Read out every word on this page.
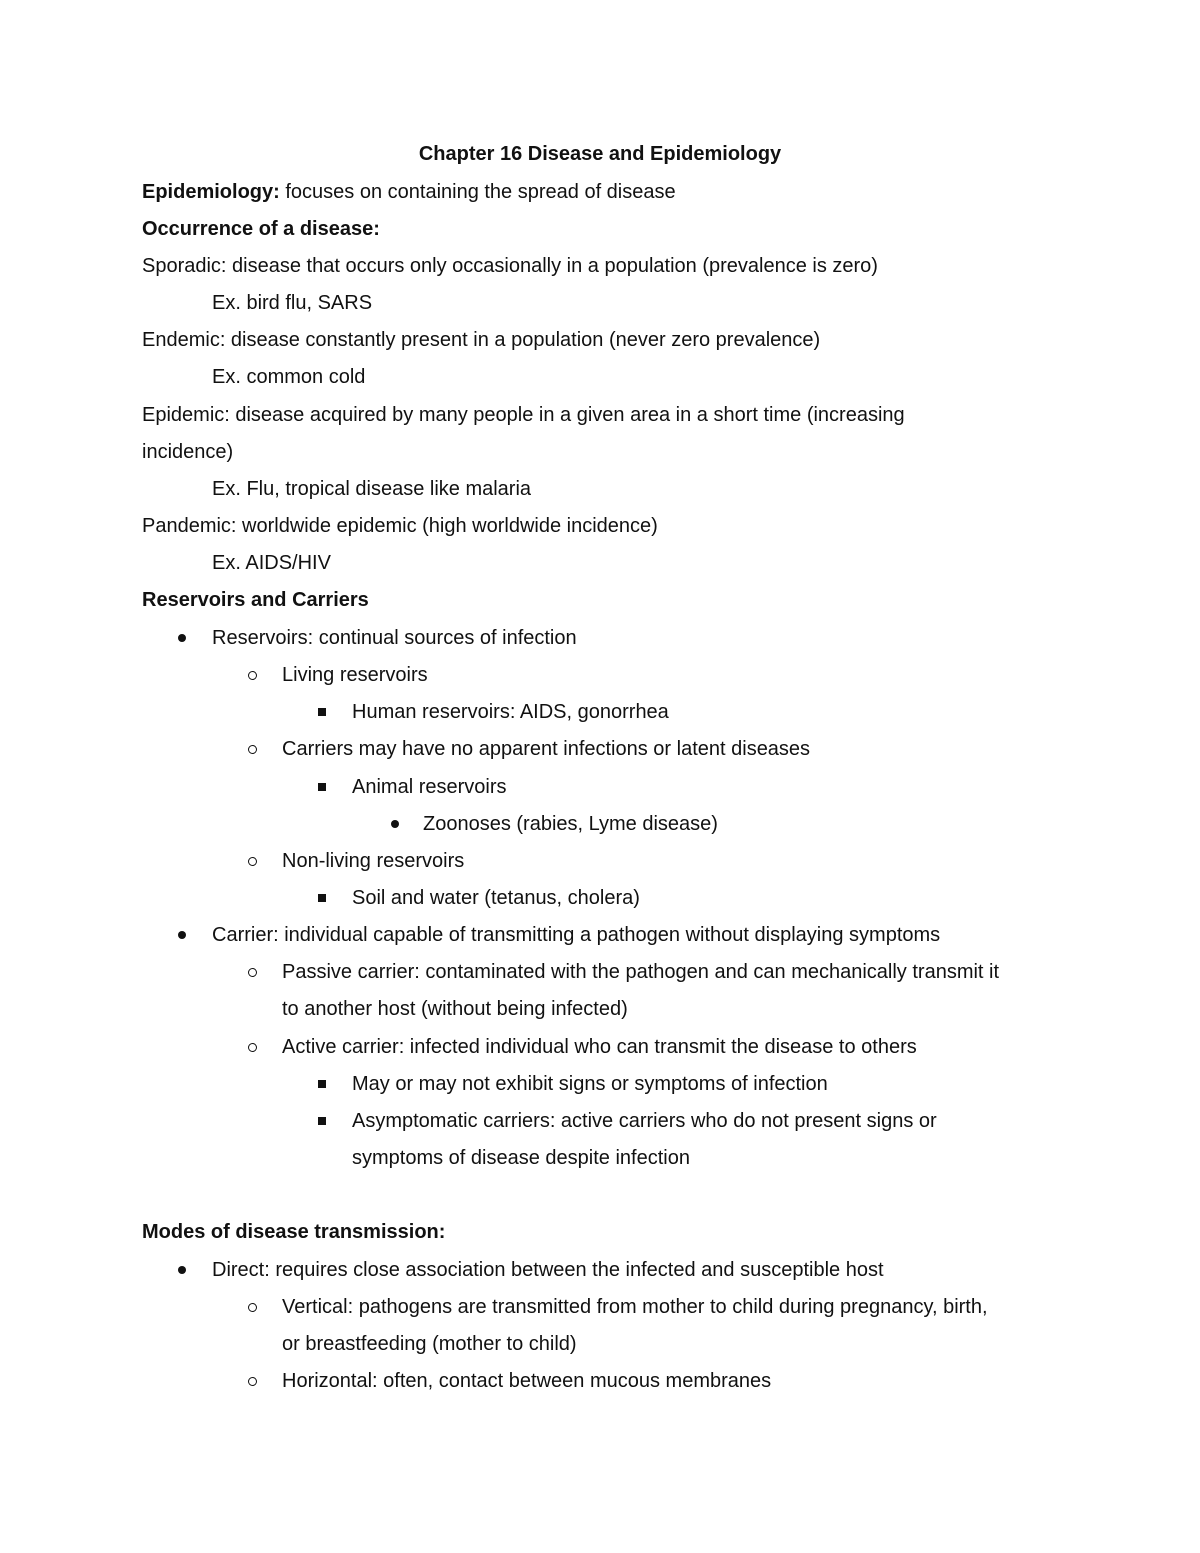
Chapter 16 Disease and Epidemiology
Epidemiology: focuses on containing the spread of disease
Occurrence of a disease:
Sporadic: disease that occurs only occasionally in a population (prevalence is zero)
Ex. bird flu, SARS
Endemic: disease constantly present in a population (never zero prevalence)
Ex. common cold
Epidemic: disease acquired by many people in a given area in a short time (increasing
incidence)
Ex. Flu, tropical disease like malaria
Pandemic: worldwide epidemic (high worldwide incidence)
Ex. AIDS/HIV
Reservoirs and Carriers
Reservoirs: continual sources of infection
Living reservoirs
Human reservoirs: AIDS, gonorrhea
Carriers may have no apparent infections or latent diseases
Animal reservoirs
Zoonoses (rabies, Lyme disease)
Non-living reservoirs
Soil and water (tetanus, cholera)
Carrier: individual capable of transmitting a pathogen without displaying symptoms
Passive carrier: contaminated with the pathogen and can mechanically transmit it
to another host (without being infected)
Active carrier: infected individual who can transmit the disease to others
May or may not exhibit signs or symptoms of infection
Asymptomatic carriers: active carriers who do not present signs or
symptoms of disease despite infection
Modes of disease transmission:
Direct: requires close association between the infected and susceptible host
Vertical: pathogens are transmitted from mother to child during pregnancy, birth,
or breastfeeding (mother to child)
Horizontal: often, contact between mucous membranes
